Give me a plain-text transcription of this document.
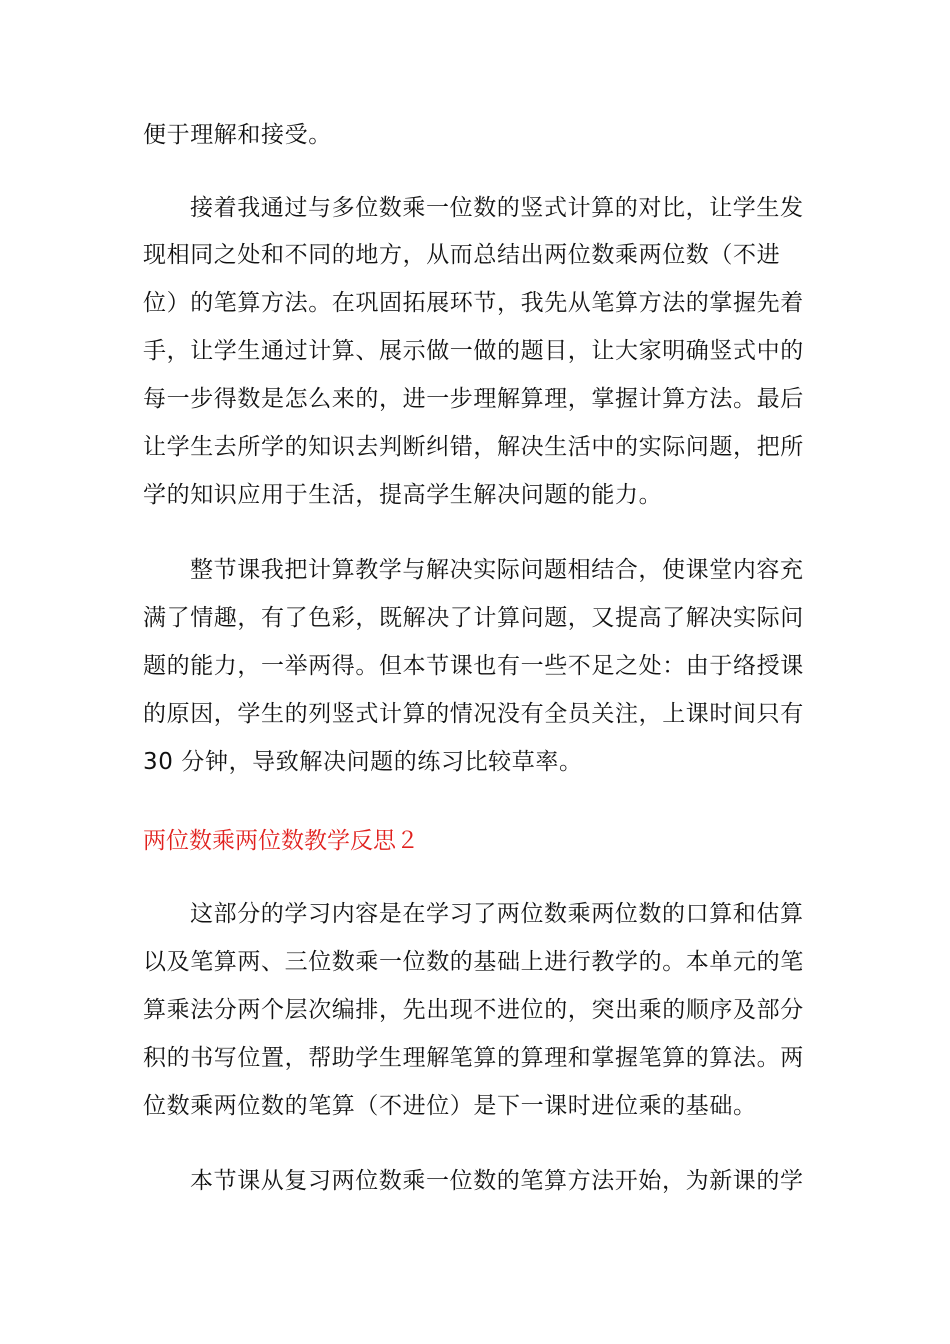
便于理解和接受。
接着我通过与多位数乘一位数的竖式计算的对比，让学生发
现相同之处和不同的地方，从而总结出两位数乘两位数（不进
位）的笔算方法。在巩固拓展环节，我先从笔算方法的掌握先着
手，让学生通过计算、展示做一做的题目，让大家明确竖式中的
每一步得数是怎么来的，进一步理解算理，掌握计算方法。最后
让学生去所学的知识去判断纠错，解决生活中的实际问题，把所
学的知识应用于生活，提高学生解决问题的能力。
整节课我把计算教学与解决实际问题相结合，使课堂内容充
满了情趣，有了色彩，既解决了计算问题，又提高了解决实际问
题的能力，一举两得。但本节课也有一些不足之处：由于络授课
的原因，学生的列竖式计算的情况没有全员关注，上课时间只有
30 分钟，导致解决问题的练习比较草率。
两位数乘两位数教学反思２
这部分的学习内容是在学习了两位数乘两位数的口算和估算
以及笔算两、三位数乘一位数的基础上进行教学的。本单元的笔
算乘法分两个层次编排，先出现不进位的，突出乘的顺序及部分
积的书写位置，帮助学生理解笔算的算理和掌握笔算的算法。两
位数乘两位数的笔算（不进位）是下一课时进位乘的基础。
本节课从复习两位数乘一位数的笔算方法开始，为新课的学
